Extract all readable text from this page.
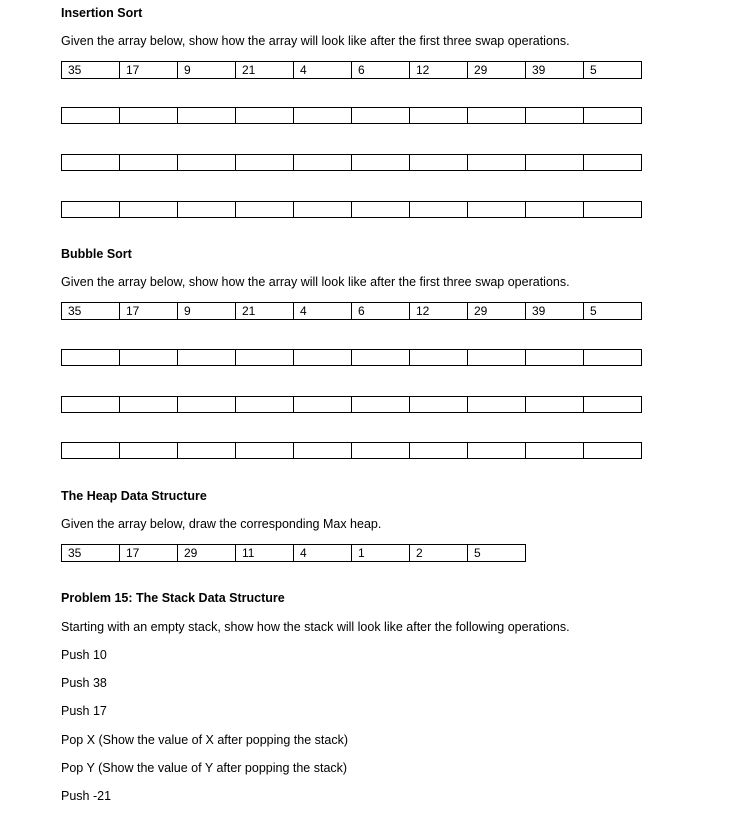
Insertion Sort
Given the array below, show how the array will look like after the first three swap operations.
35	17	9	21	4	6	12	29	39	5

Bubble Sort
Given the array below, show how the array will look like after the first three swap operations.
35	17	9	21	4	6	12	29	39	5

The Heap Data Structure
Given the array below, draw the corresponding Max heap.
35	17	29	11	4	1	2	5
Problem 15: The Stack Data Structure
Starting with an empty stack, show how the stack will look like after the following operations.
Push 10
Push 38
Push 17
Pop X (Show the value of X after popping the stack)
Pop Y (Show the value of Y after popping the stack)
Push -21
